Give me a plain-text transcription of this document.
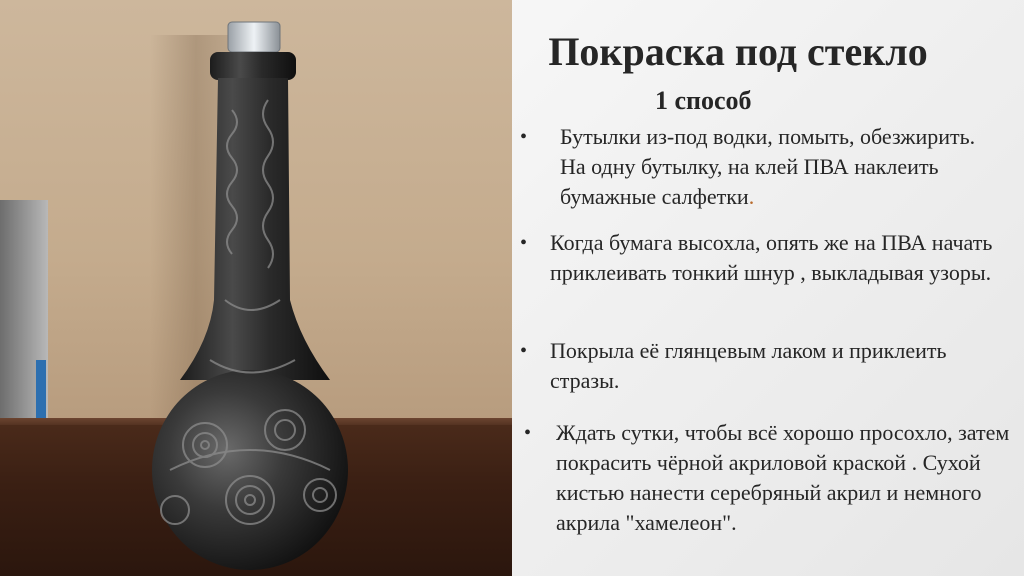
Покраска под стекло
1 способ
• Бутылки из-под водки, помыть, обезжирить. На одну бутылку, на клей ПВА наклеить бумажные салфетки.
• Когда бумага высохла, опять же на ПВА начать приклеивать тонкий шнур , выкладывая узоры.
• Покрыла её глянцевым лаком и приклеить стразы.
• Ждать сутки, чтобы всё хорошо просохло, затем покрасить чёрной акриловой краской . Сухой кистью нанести серебряный акрил и немного акрила "хамелеон".
